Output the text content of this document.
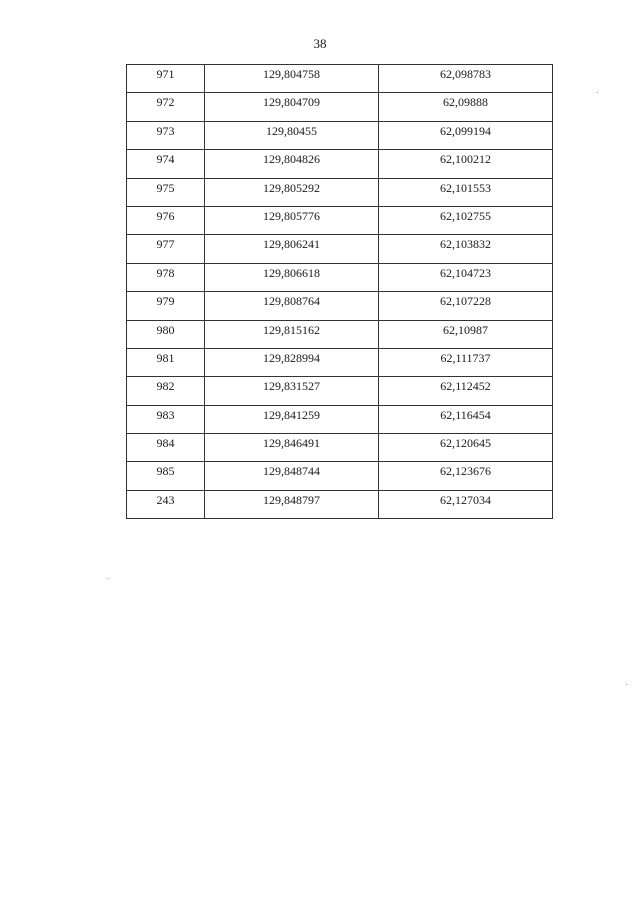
38
971	129,804758	62,098783

972	129,804709	62,09888

973	129,80455	62,099194

974	129,804826	62,100212

975	129,805292	62,101553

976	129,805776	62,102755

977	129,806241	62,103832

978	129,806618	62,104723

979	129,808764	62,107228

980	129,815162	62,10987

981	129,828994	62,111737

982	129,831527	62,112452

983	129,841259	62,116454

984	129,846491	62,120645

985	129,848744	62,123676

243	129,848797	62,127034
